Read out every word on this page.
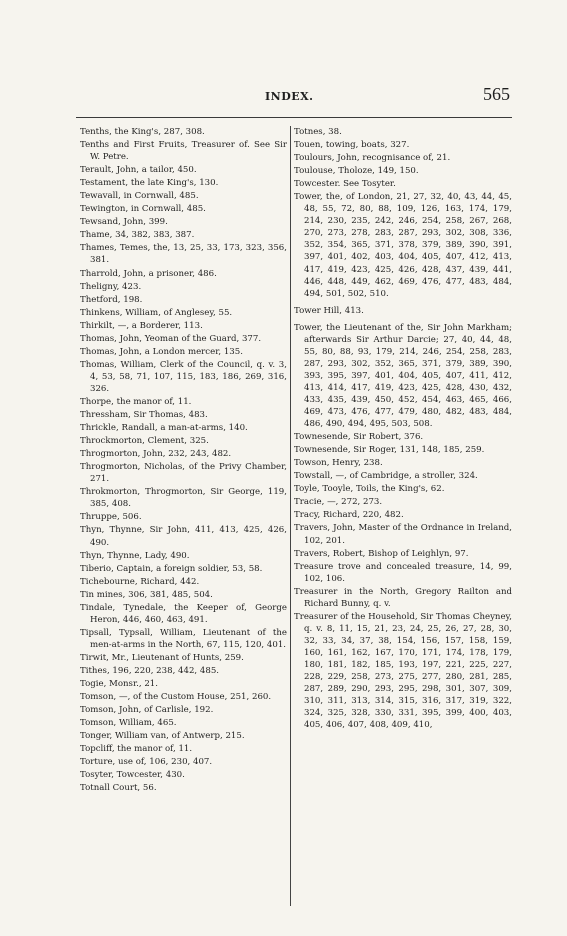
INDEX.	565

Tenths, the King's, 287, 308.

Tenths and First Fruits, Treasurer of. See Sir W. Petre.

Terault, John, a tailor, 450.

Testament, the late King's, 130.

Tewavall, in Cornwall, 485.

Tewington, in Cornwall, 485.

Tewsand, John, 399.

Thame, 34, 382, 383, 387.

Thames, Temes, the, 13, 25, 33, 173, 323, 356, 381.

Tharrold, John, a prisoner, 486.

Theligny, 423.

Thetford, 198.

Thinkens, William, of Anglesey, 55.

Thirkilt, —, a Borderer, 113.

Thomas, John, Yeoman of the Guard, 377.

Thomas, John, a London mercer, 135.

Thomas, William, Clerk of the Council, q. v. 3, 4, 53, 58, 71, 107, 115, 183, 186, 269, 316, 326.

Thorpe, the manor of, 11.

Thressham, Sir Thomas, 483.

Thrickle, Randall, a man-at-arms, 140.

Throckmorton, Clement, 325.

Throgmorton, John, 232, 243, 482.

Throgmorton, Nicholas, of the Privy Chamber, 271.

Throkmorton, Throgmorton, Sir George, 119, 385, 408.

Thruppe, 506.

Thyn, Thynne, Sir John, 411, 413, 425, 426, 490.

Thyn, Thynne, Lady, 490.

Tiberio, Captain, a foreign soldier, 53, 58.

Tichebourne, Richard, 442.

Tin mines, 306, 381, 485, 504.

Tindale, Tynedale, the Keeper of, George Heron, 446, 460, 463, 491.

Tipsall, Typsall, William, Lieutenant of the men-at-arms in the North, 67, 115, 120, 401.

Tirwit, Mr., Lieutenant of Hunts, 259.

Tithes, 196, 220, 238, 442, 485.

Togie, Monsr., 21.

Tomson, —, of the Custom House, 251, 260.

Tomson, John, of Carlisle, 192.

Tomson, William, 465.

Tonger, William van, of Antwerp, 215.

Topcliff, the manor of, 11.

Torture, use of, 106, 230, 407.

Tosyter, Towcester, 430.

Totnall Court, 56.

Totnes, 38.

Touen, towing, boats, 327.

Toulours, John, recognisance of, 21.

Toulouse, Tholoze, 149, 150.

Towcester. See Tosyter.

Tower, the, of London, 21, 27, 32, 40, 43, 44, 45, 48, 55, 72, 80, 88, 109, 126, 163, 174, 179, 214, 230, 235, 242, 246, 254, 258, 267, 268, 270, 273, 278, 283, 287, 293, 302, 308, 336, 352, 354, 365, 371, 378, 379, 389, 390, 391, 397, 401, 402, 403, 404, 405, 407, 412, 413, 417, 419, 423, 425, 426, 428, 437, 439, 441, 446, 448, 449, 462, 469, 476, 477, 483, 484, 494, 501, 502, 510.

Tower Hill, 413.

Tower, the Lieutenant of the, Sir John Markham; afterwards Sir Arthur Darcie; 27, 40, 44, 48, 55, 80, 88, 93, 179, 214, 246, 254, 258, 283, 287, 293, 302, 352, 365, 371, 379, 389, 390, 393, 395, 397, 401, 404, 405, 407, 411, 412, 413, 414, 417, 419, 423, 425, 428, 430, 432, 433, 435, 439, 450, 452, 454, 463, 465, 466, 469, 473, 476, 477, 479, 480, 482, 483, 484, 486, 490, 494, 495, 503, 508.

Townesende, Sir Robert, 376.

Townesende, Sir Roger, 131, 148, 185, 259.

Towson, Henry, 238.

Towstall, —, of Cambridge, a stroller, 324.

Toyle, Tooyle, Toils, the King's, 62.

Tracie, —, 272, 273.

Tracy, Richard, 220, 482.

Travers, John, Master of the Ordnance in Ireland, 102, 201.

Travers, Robert, Bishop of Leighlyn, 97.

Treasure trove and concealed treasure, 14, 99, 102, 106.

Treasurer in the North, Gregory Railton and Richard Bunny, q. v.

Treasurer of the Household, Sir Thomas Cheyney, q. v. 8, 11, 15, 21, 23, 24, 25, 26, 27, 28, 30, 32, 33, 34, 37, 38, 154, 156, 157, 158, 159, 160, 161, 162, 167, 170, 171, 174, 178, 179, 180, 181, 182, 185, 193, 197, 221, 225, 227, 228, 229, 258, 273, 275, 277, 280, 281, 285, 287, 289, 290, 293, 295, 298, 301, 307, 309, 310, 311, 313, 314, 315, 316, 317, 319, 322, 324, 325, 328, 330, 331, 395, 399, 400, 403, 405, 406, 407, 408, 409, 410,
